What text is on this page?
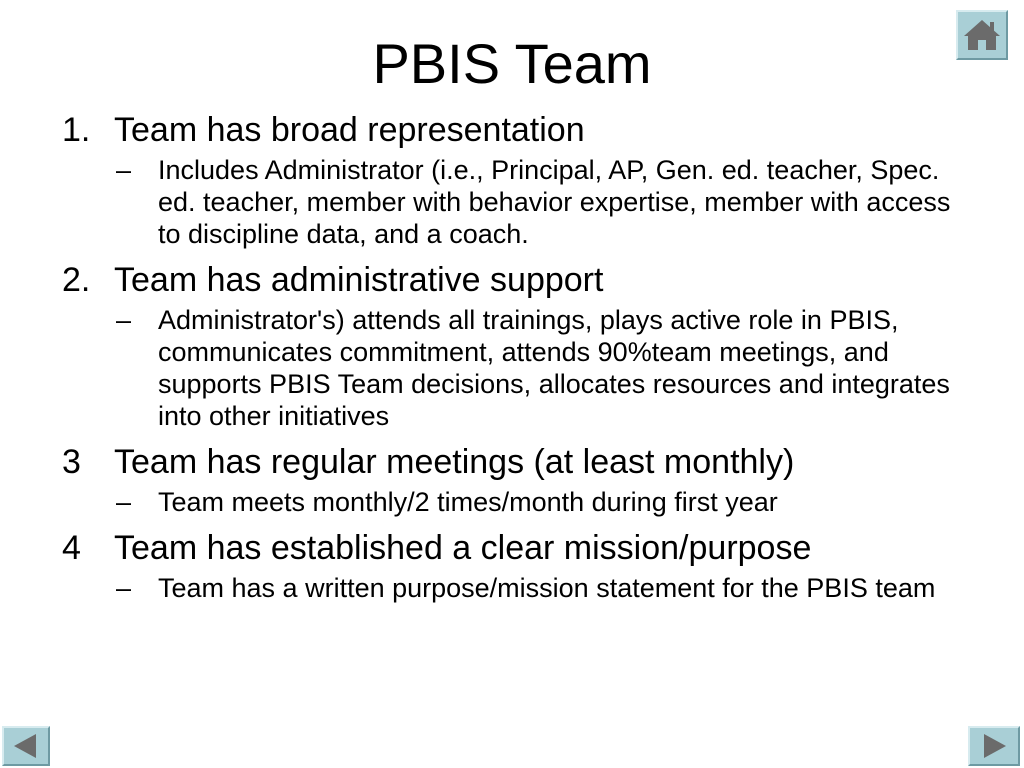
PBIS Team
1. Team has broad representation
– Includes Administrator (i.e., Principal, AP, Gen. ed. teacher, Spec. ed. teacher, member with behavior expertise, member with access to discipline data, and a coach.
2. Team has administrative support
– Administrator's) attends all trainings, plays active role in PBIS, communicates commitment, attends 90%team meetings, and supports PBIS Team decisions, allocates resources and integrates into other initiatives
3 Team has regular meetings (at least monthly)
– Team meets monthly/2 times/month during first year
4 Team has established a clear mission/purpose
– Team has a written purpose/mission statement for the PBIS team
